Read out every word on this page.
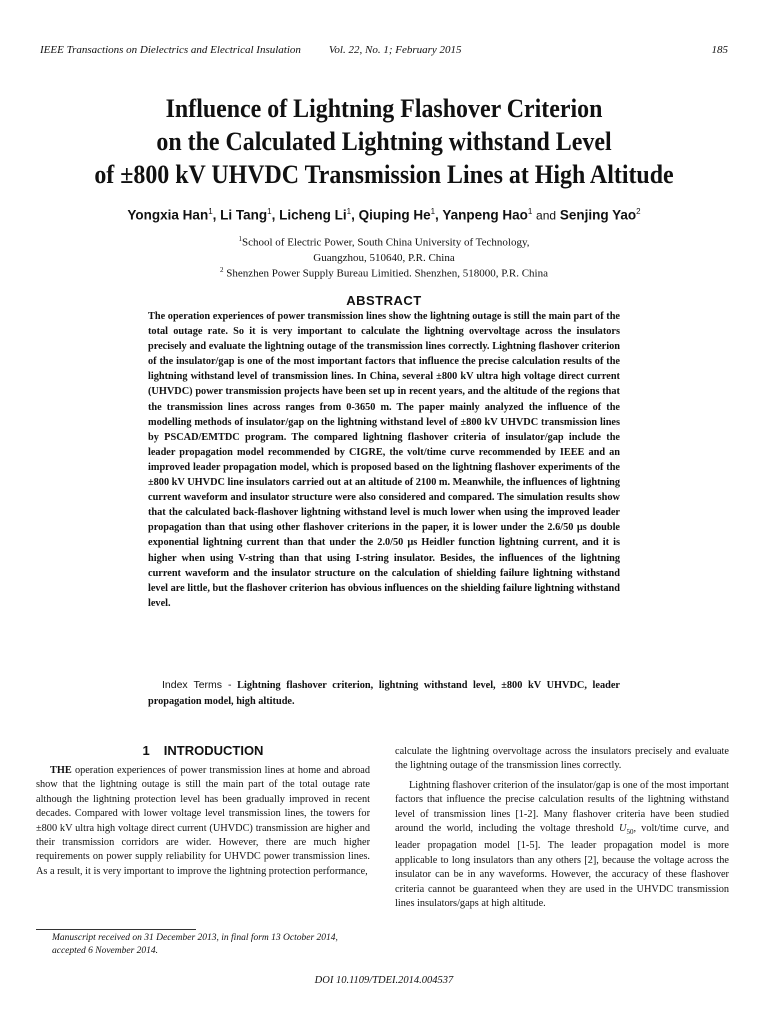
IEEE Transactions on Dielectrics and Electrical Insulation	Vol. 22, No. 1; February 2015	185
Influence of Lightning Flashover Criterion
on the Calculated Lightning withstand Level
of ±800 kV UHVDC Transmission Lines at High Altitude
Yongxia Han$^1$, Li Tang$^1$, Licheng Li$^1$, Qiuping He$^1$, Yanpeng Hao$^1$ and Senjing Yao$^2$
$^1$School of Electric Power, South China University of Technology,
Guangzhou, 510640, P.R. China
$^2$ Shenzhen Power Supply Bureau Limitied. Shenzhen, 518000, P.R. China
ABSTRACT

The operation experiences of power transmission lines show the lightning outage is still the main part of the total outage rate. So it is very important to calculate the lightning overvoltage across the insulators precisely and evaluate the lightning outage of the transmission lines correctly. Lightning flashover criterion of the insulator/gap is one of the most important factors that influence the precise calculation results of the lightning withstand level of transmission lines. In China, several ±800 kV ultra high voltage direct current (UHVDC) power transmission projects have been set up in recent years, and the altitude of the regions that the transmission lines across ranges from 0-3650 m. The paper mainly analyzed the influence of the modelling methods of insulator/gap on the lightning withstand level of ±800 kV UHVDC transmission lines by PSCAD/EMTDC program. The compared lightning flashover criteria of insulator/gap include the leader propagation model recommended by CIGRE, the volt/time curve recommended by IEEE and an improved leader propagation model, which is proposed based on the lightning flashover experiments of the ±800 kV UHVDC line insulators carried out at an altitude of 2100 m. Meanwhile, the influences of lightning current waveform and insulator structure were also considered and compared. The simulation results show that the calculated back-flashover lightning withstand level is much lower when using the improved leader propagation than that using other flashover criterions in the paper, it is lower under the 2.6/50 µs double exponential lightning current than that under the 2.0/50 µs Heidler function lightning current, and it is higher when using V-string than that using I-string insulator. Besides, the influences of the lightning current waveform and the insulator structure on the calculation of shielding failure lightning withstand level are little, but the flashover criterion has obvious influences on the shielding failure lightning withstand level.

Index Terms - Lightning flashover criterion, lightning withstand level, ±800 kV UHVDC, leader propagation model, high altitude.

1 INTRODUCTION

THE operation experiences of power transmission lines at home and abroad show that the lightning outage is still the main part of the total outage rate although the lightning protection level has been gradually improved in recent decades. Compared with lower voltage level transmission lines, the towers for ±800 kV ultra high voltage direct current (UHVDC) transmission are higher and their transmission corridors are wider. However, there are much higher requirements on power supply reliability for UHVDC power transmission lines. As a result, it is very important to improve the lightning protection performance,

calculate the lightning overvoltage across the insulators precisely and evaluate the lightning outage of the transmission lines correctly.

Lightning flashover criterion of the insulator/gap is one of the most important factors that influence the precise calculation results of the lightning withstand level of transmission lines [1-2]. Many flashover criteria have been studied around the world, including the voltage threshold $U_{50}$, volt/time curve, and leader propagation model [1-5]. The leader propagation model is more applicable to long insulators than any others [2], because the voltage across the insulator can be in any waveforms. However, the accuracy of these flashover criteria cannot be guaranteed when they are used in the UHVDC transmission lines insulators/gaps at high altitude.

Manuscript received on 31 December 2013, in final form 13 October 2014, accepted 6 November 2014.
DOI 10.1109/TDEI.2014.004537
